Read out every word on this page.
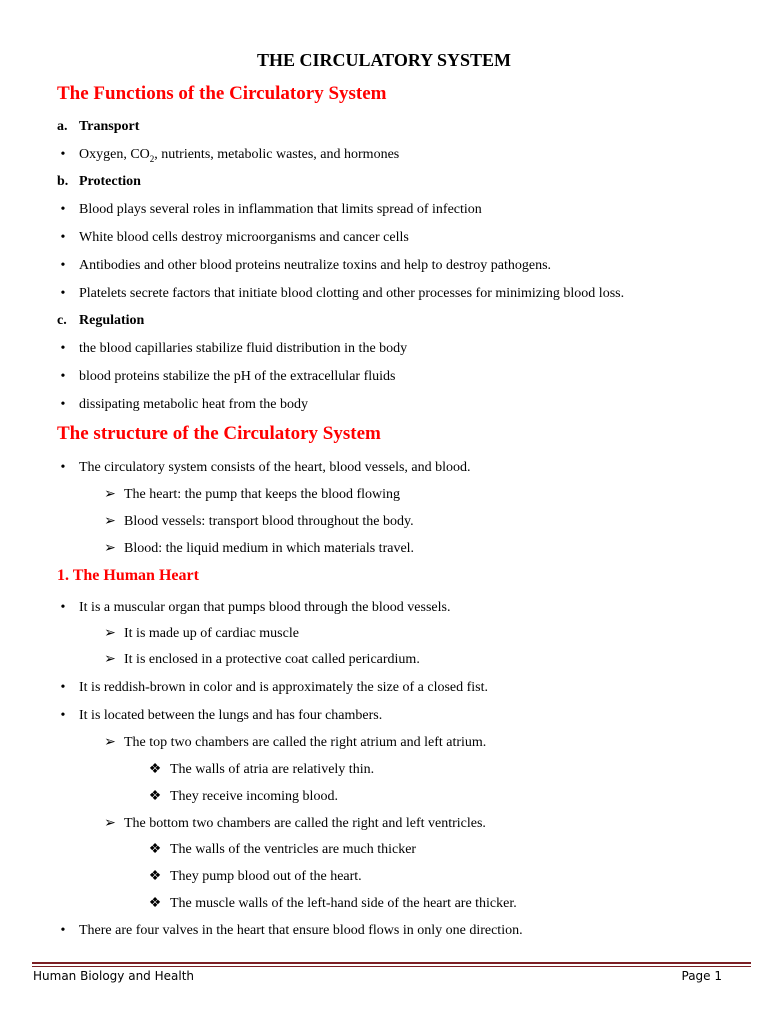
THE CIRCULATORY SYSTEM
The Functions of the Circulatory System
a. Transport
• Oxygen, $CO_2$, nutrients, metabolic wastes, and hormones
b. Protection
• Blood plays several roles in inflammation that limits spread of infection
• White blood cells destroy microorganisms and cancer cells
• Antibodies and other blood proteins neutralize toxins and help to destroy pathogens.
• Platelets secrete factors that initiate blood clotting and other processes for minimizing blood loss.
c. Regulation
• the blood capillaries stabilize fluid distribution in the body
• blood proteins stabilize the pH of the extracellular fluids
• dissipating metabolic heat from the body
The structure of the Circulatory System
• The circulatory system consists of the heart, blood vessels, and blood.
➢ The heart: the pump that keeps the blood flowing
➢ Blood vessels: transport blood throughout the body.
➢ Blood: the liquid medium in which materials travel.
1. The Human Heart
• It is a muscular organ that pumps blood through the blood vessels.
➢ It is made up of cardiac muscle
➢ It is enclosed in a protective coat called pericardium.
• It is reddish-brown in color and is approximately the size of a closed fist.
• It is located between the lungs and has four chambers.
➢ The top two chambers are called the right atrium and left atrium.
❖ The walls of atria are relatively thin.
❖ They receive incoming blood.
➢ The bottom two chambers are called the right and left ventricles.
❖ The walls of the ventricles are much thicker
❖ They pump blood out of the heart.
❖ The muscle walls of the left-hand side of the heart are thicker.
• There are four valves in the heart that ensure blood flows in only one direction.
Human Biology and Health	Page 1
